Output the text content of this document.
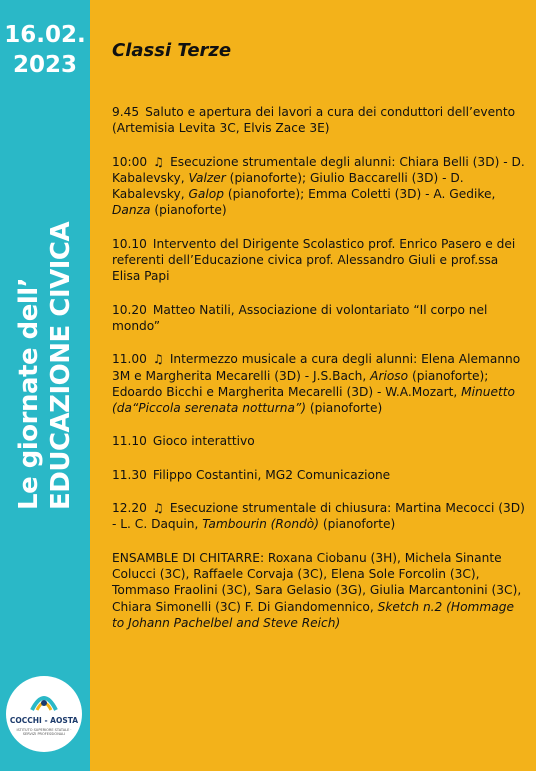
16.02.
2023
Le giornate dell’ EDUCAZIONE CIVICA
COCCHI - AOSTA
ISTITUTO SUPERIORE STATALE · SERVIZI PROFESSIONALI
Classi Terze
9.45 Saluto e apertura dei lavori a cura dei conduttori dell’evento (Artemisia Levita 3C, Elvis Zace 3E)
10:00 ♫ Esecuzione strumentale degli alunni: Chiara Belli (3D) - D. Kabalevsky, Valzer (pianoforte); Giulio Baccarelli (3D) - D. Kabalevsky, Galop (pianoforte); Emma Coletti (3D) - A. Gedike, Danza (pianoforte)
10.10 Intervento del Dirigente Scolastico prof. Enrico Pasero e dei referenti dell’Educazione civica prof. Alessandro Giuli e prof.ssa Elisa Papi
10.20 Matteo Natili, Associazione di volontariato “Il corpo nel mondo”
11.00 ♫ Intermezzo musicale a cura degli alunni: Elena Alemanno 3M e Margherita Mecarelli (3D) - J.S.Bach, Arioso (pianoforte); Edoardo Bicchi e Margherita Mecarelli (3D) - W.A.Mozart, Minuetto (da“Piccola serenata notturna”) (pianoforte)
11.10 Gioco interattivo
11.30 Filippo Costantini, MG2 Comunicazione
12.20 ♫ Esecuzione strumentale di chiusura: Martina Mecocci (3D) - L. C. Daquin, Tambourin (Rondò) (pianoforte)
ENSAMBLE DI CHITARRE: Roxana Ciobanu (3H), Michela Sinante Colucci (3C), Raffaele Corvaja (3C), Elena Sole Forcolin (3C), Tommaso Fraolini (3C), Sara Gelasio (3G), Giulia Marcantonini (3C), Chiara Simonelli (3C) F. Di Giandomennico, Sketch n.2 (Hommage to Johann Pachelbel and Steve Reich)
